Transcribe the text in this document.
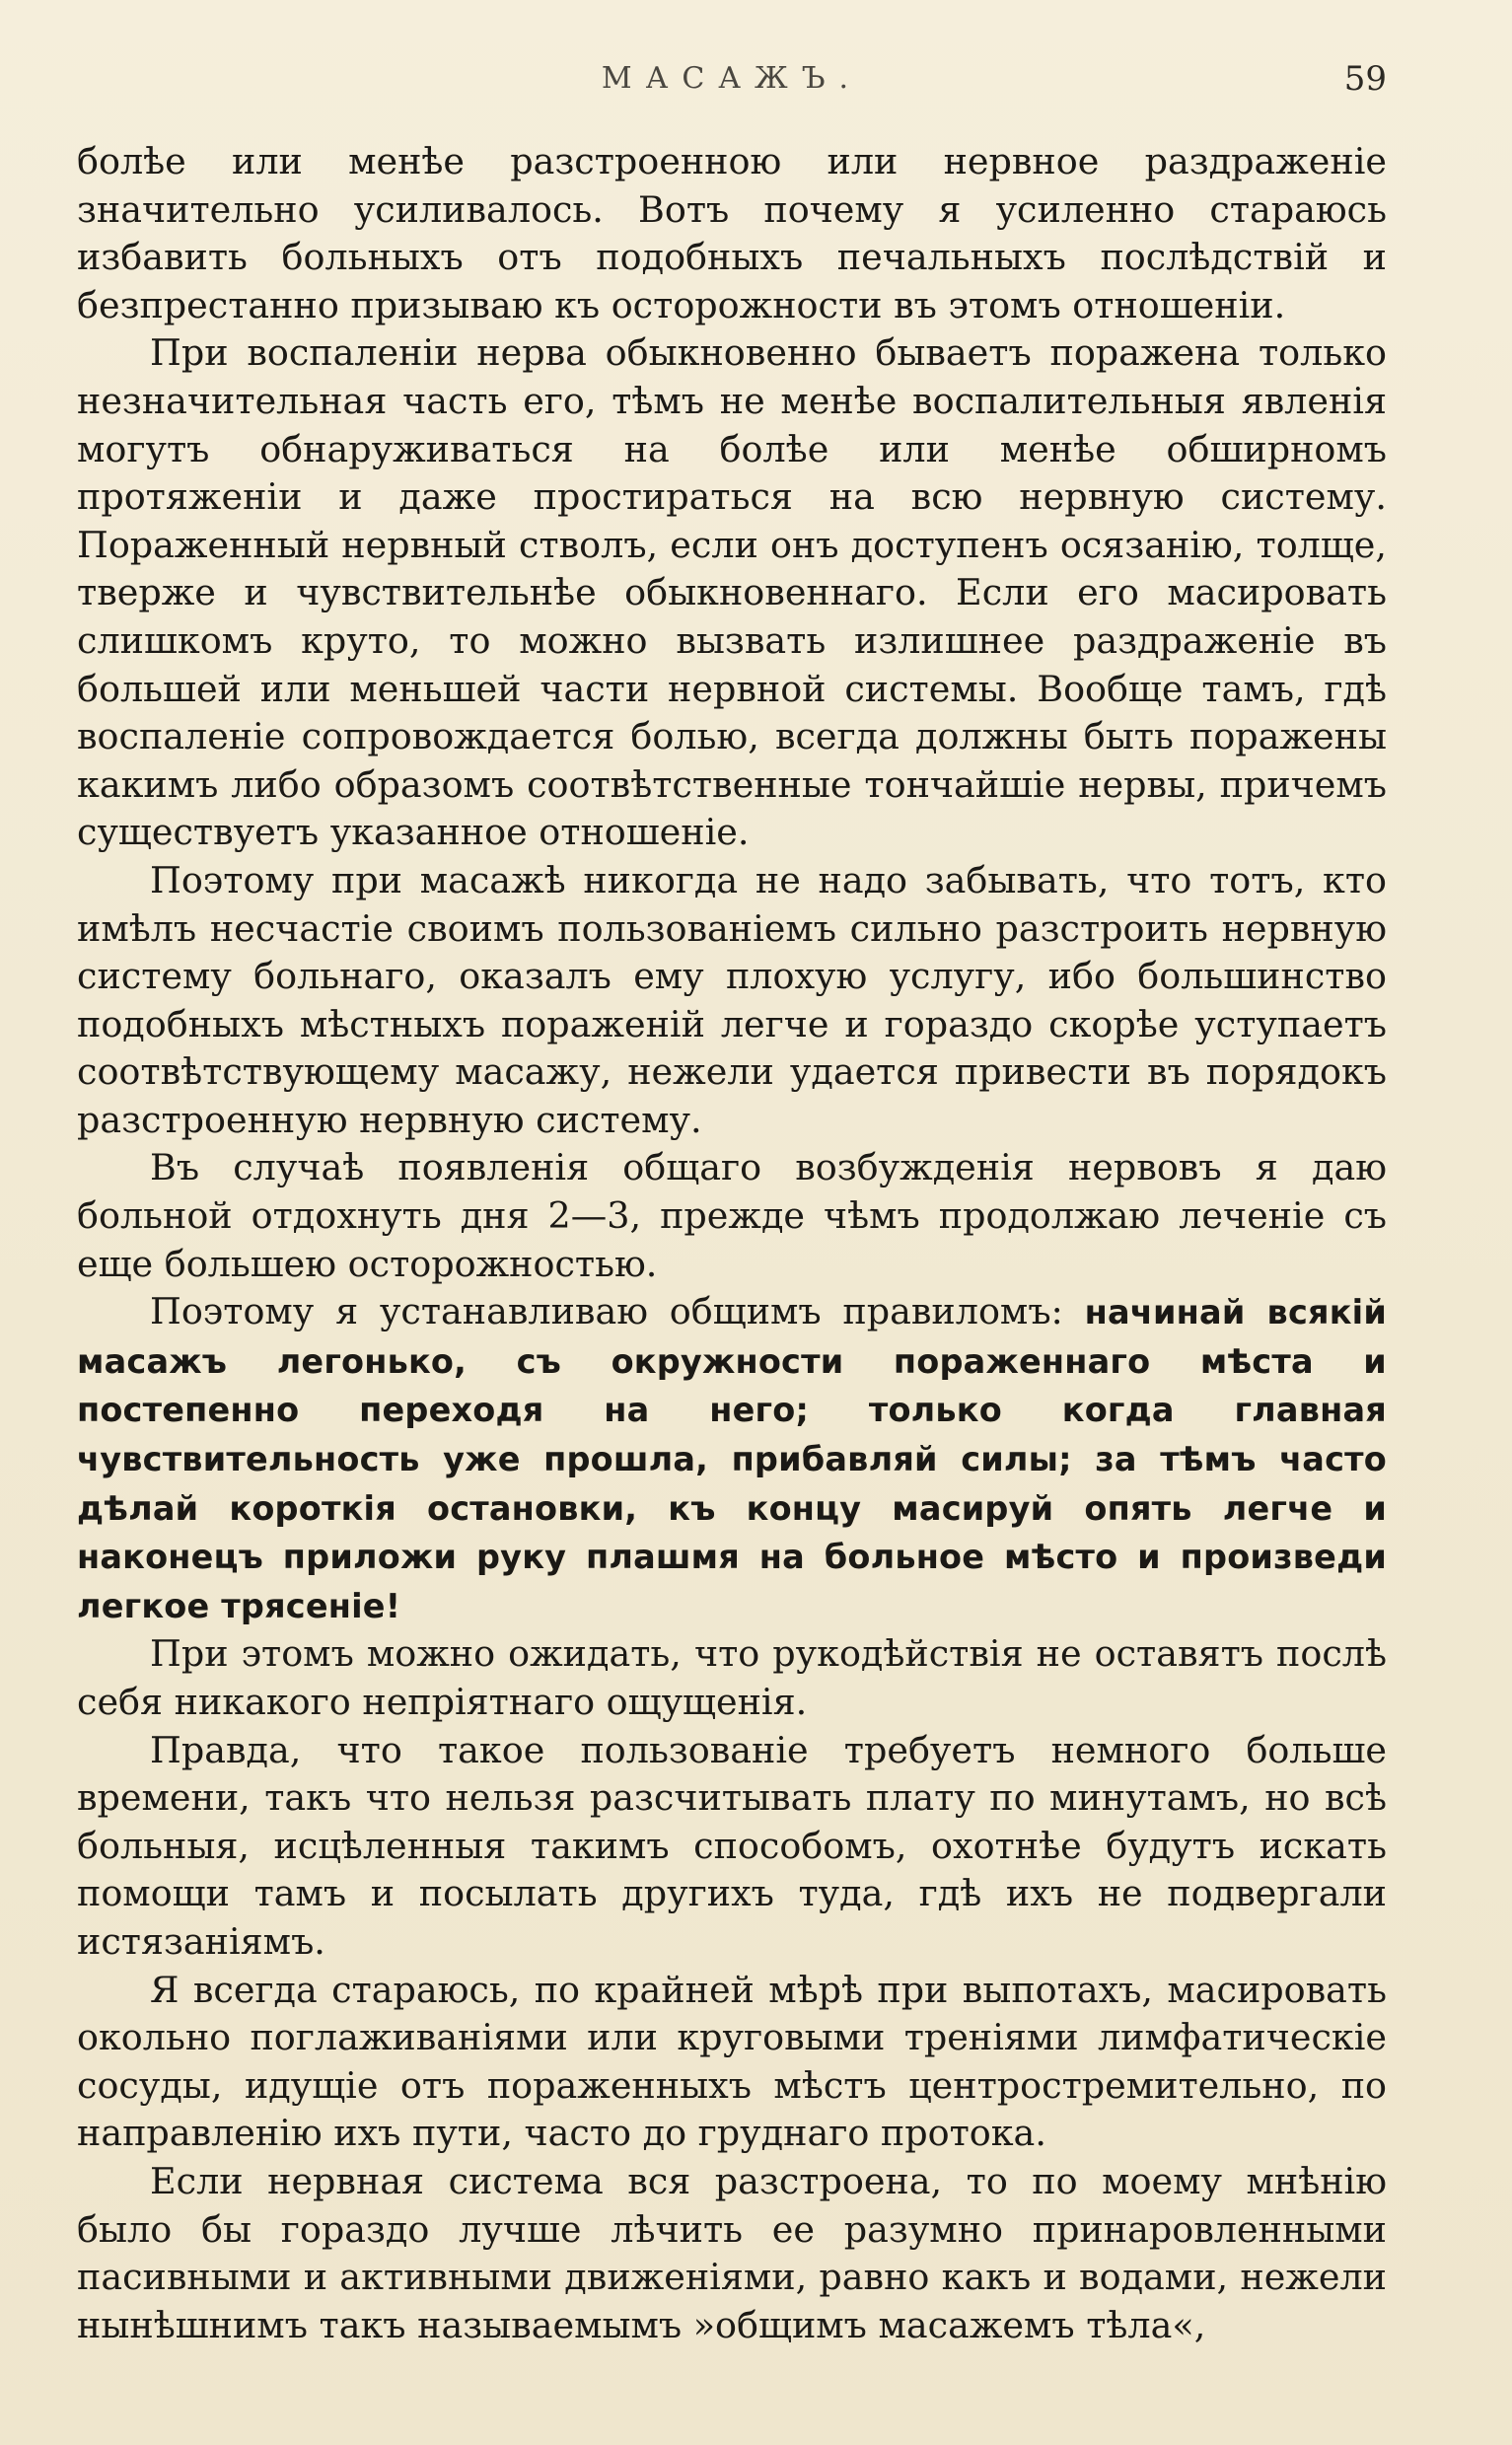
МАСАЖЪ.	59

болѣе или менѣе разстроенною или нервное раздраженіе значительно усиливалось. Вотъ почему я усиленно стараюсь избавить больныхъ отъ подобныхъ печальныхъ послѣдствій и безпрестанно призываю къ осторожности въ этомъ отношеніи.

При воспаленіи нерва обыкновенно бываетъ поражена только незначительная часть его, тѣмъ не менѣе воспалительныя явленія могутъ обнаруживаться на болѣе или менѣе обширномъ протяженіи и даже простираться на всю нервную систему. Пораженный нервный стволъ, если онъ доступенъ осязанію, толще, тверже и чувствительнѣе обыкновеннаго. Если его масировать слишкомъ круто, то можно вызвать излишнее раздраженіе въ большей или меньшей части нервной системы. Вообще тамъ, гдѣ воспаленіе сопровождается болью, всегда должны быть поражены какимъ либо образомъ соотвѣтственные тончайшіе нервы, причемъ существуетъ указанное отношеніе.

Поэтому при масажѣ никогда не надо забывать, что тотъ, кто имѣлъ несчастіе своимъ пользованіемъ сильно разстроить нервную систему больнаго, оказалъ ему плохую услугу, ибо большинство подобныхъ мѣстныхъ пораженій легче и гораздо скорѣе уступаетъ соотвѣтствующему масажу, нежели удается привести въ порядокъ разстроенную нервную систему.

Въ случаѣ появленія общаго возбужденія нервовъ я даю больной отдохнуть дня 2—3, прежде чѣмъ продолжаю леченіе съ еще большею осторожностью.

Поэтому я устанавливаю общимъ правиломъ: начинай всякій масажъ легонько, съ окружности пораженнаго мѣста и постепенно переходя на него; только когда главная чувствительность уже прошла, прибавляй силы; за тѣмъ часто дѣлай короткія остановки, къ концу масируй опять легче и наконецъ приложи руку плашмя на больное мѣсто и произведи легкое трясеніе!

При этомъ можно ожидать, что рукодѣйствія не оставятъ послѣ себя никакого непріятнаго ощущенія.

Правда, что такое пользованіе требуетъ немного больше времени, такъ что нельзя разсчитывать плату по минутамъ, но всѣ больныя, исцѣленныя такимъ способомъ, охотнѣе будутъ искать помощи тамъ и посылать другихъ туда, гдѣ ихъ не подвергали истязаніямъ.

Я всегда стараюсь, по крайней мѣрѣ при выпотахъ, масировать окольно поглаживаніями или круговыми треніями лимфатическіе сосуды, идущіе отъ пораженныхъ мѣстъ центростремительно, по направленію ихъ пути, часто до груднаго протока.

Если нервная система вся разстроена, то по моему мнѣнію было бы гораздо лучше лѣчить ее разумно принаровленными пасивными и активными движеніями, равно какъ и водами, нежели нынѣшнимъ такъ называемымъ »общимъ масажемъ тѣла«,
